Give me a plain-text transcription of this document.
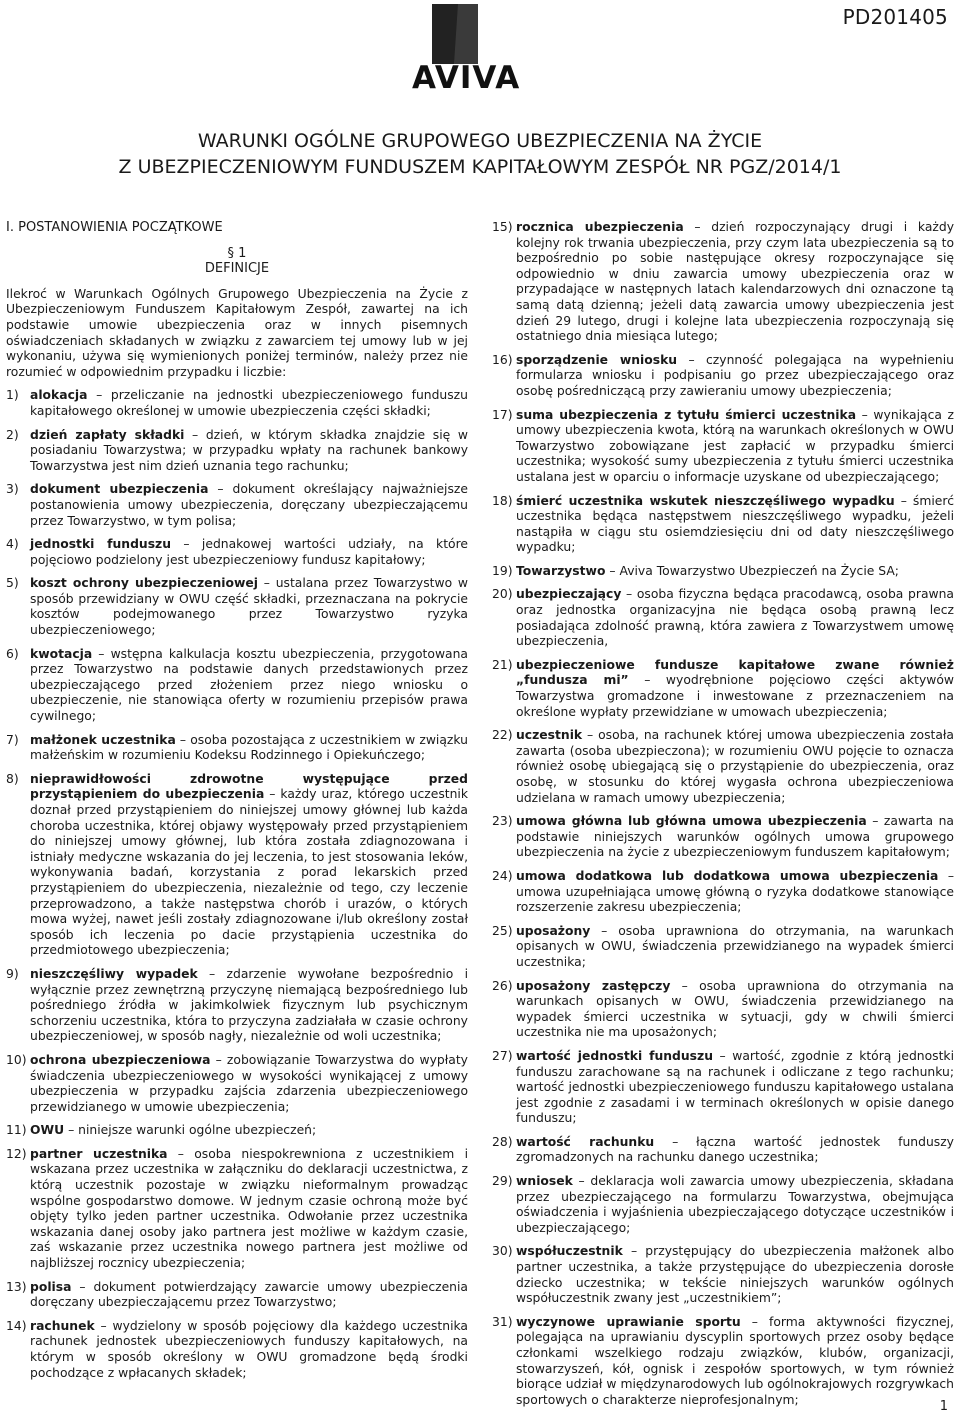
PD201405
AVIVA
WARUNKI OGÓLNE GRUPOWEGO UBEZPIECZENIA NA ŻYCIE
Z UBEZPIECZENIOWYM FUNDUSZEM KAPITAŁOWYM ZESPÓŁ NR PGZ/2014/1
I. POSTANOWIENIA POCZĄTKOWE
§ 1
DEFINICJE
Ilekroć w Warunkach Ogólnych Grupowego Ubezpieczenia na Życie z Ubezpieczeniowym Funduszem Kapitałowym Zespół, zawartej na ich podstawie umowie ubezpieczenia oraz w innych pisemnych oświadczeniach składanych w związku z zawarciem tej umowy lub w jej wykonaniu, używa się wymienionych poniżej terminów, należy przez nie rozumieć w odpowiednim przypadku i liczbie:
1) alokacja – przeliczanie na jednostki ubezpieczeniowego funduszu kapitałowego określonej w umowie ubezpieczenia części składki;
2) dzień zapłaty składki – dzień, w którym składka znajdzie się w posiadaniu Towarzystwa; w przypadku wpłaty na rachunek bankowy Towarzystwa jest nim dzień uznania tego rachunku;
3) dokument ubezpieczenia – dokument określający najważniejsze postanowienia umowy ubezpieczenia, doręczany ubezpieczającemu przez Towarzystwo, w tym polisa;
4) jednostki funduszu – jednakowej wartości udziały, na które pojęciowo podzielony jest ubezpieczeniowy fundusz kapitałowy;
5) koszt ochrony ubezpieczeniowej – ustalana przez Towarzystwo w sposób przewidziany w OWU część składki, przeznaczana na pokrycie kosztów podejmowanego przez Towarzystwo ryzyka ubezpieczeniowego;
6) kwotacja – wstępna kalkulacja kosztu ubezpieczenia, przygotowana przez Towarzystwo na podstawie danych przedstawionych przez ubezpieczającego przed złożeniem przez niego wniosku o ubezpieczenie, nie stanowiąca oferty w rozumieniu przepisów prawa cywilnego;
7) małżonek uczestnika – osoba pozostająca z uczestnikiem w związku małżeńskim w rozumieniu Kodeksu Rodzinnego i Opiekuńczego;
8) nieprawidłowości zdrowotne występujące przed przystąpieniem do ubezpieczenia – każdy uraz, którego uczestnik doznał przed przystąpieniem do niniejszej umowy głównej lub każda choroba uczestnika, której objawy występowały przed przystąpieniem do niniejszej umowy głównej, lub która została zdiagnozowana i istniały medyczne wskazania do jej leczenia, to jest stosowania leków, wykonywania badań, korzystania z porad lekarskich przed przystąpieniem do ubezpieczenia, niezależnie od tego, czy leczenie przeprowadzono, a także następstwa chorób i urazów, o których mowa wyżej, nawet jeśli zostały zdiagnozowane i/lub określony został sposób ich leczenia po dacie przystąpienia uczestnika do przedmiotowego ubezpieczenia;
9) nieszczęśliwy wypadek – zdarzenie wywołane bezpośrednio i wyłącznie przez zewnętrzną przyczynę niemającą bezpośredniego lub pośredniego źródła w jakimkolwiek fizycznym lub psychicznym schorzeniu uczestnika, która to przyczyna zadziałała w czasie ochrony ubezpieczeniowej, w sposób nagły, niezależnie od woli uczestnika;
10) ochrona ubezpieczeniowa – zobowiązanie Towarzystwa do wypłaty świadczenia ubezpieczeniowego w wysokości wynikającej z umowy ubezpieczenia w przypadku zajścia zdarzenia ubezpieczeniowego przewidzianego w umowie ubezpieczenia;
11) OWU – niniejsze warunki ogólne ubezpieczeń;
12) partner uczestnika – osoba niespokrewniona z uczestnikiem i wskazana przez uczestnika w załączniku do deklaracji uczestnictwa, z którą uczestnik pozostaje w związku nieformalnym prowadząc wspólne gospodarstwo domowe. W jednym czasie ochroną może być objęty tylko jeden partner uczestnika. Odwołanie przez uczestnika wskazania danej osoby jako partnera jest możliwe w każdym czasie, zaś wskazanie przez uczestnika nowego partnera jest możliwe od najbliższej rocznicy ubezpieczenia;
13) polisa – dokument potwierdzający zawarcie umowy ubezpieczenia doręczany ubezpieczającemu przez Towarzystwo;
14) rachunek – wydzielony w sposób pojęciowy dla każdego uczestnika rachunek jednostek ubezpieczeniowych funduszy kapitałowych, na którym w sposób określony w OWU gromadzone będą środki pochodzące z wpłacanych składek;
15) rocznica ubezpieczenia – dzień rozpoczynający drugi i każdy kolejny rok trwania ubezpieczenia, przy czym lata ubezpieczenia są to bezpośrednio po sobie następujące okresy rozpoczynające się odpowiednio w dniu zawarcia umowy ubezpieczenia oraz w przypadające w następnych latach kalendarzowych dni oznaczone tą samą datą dzienną; jeżeli datą zawarcia umowy ubezpieczenia jest dzień 29 lutego, drugi i kolejne lata ubezpieczenia rozpoczynają się ostatniego dnia miesiąca lutego;
16) sporządzenie wniosku – czynność polegająca na wypełnieniu formularza wniosku i podpisaniu go przez ubezpieczającego oraz osobę pośredniczącą przy zawieraniu umowy ubezpieczenia;
17) suma ubezpieczenia z tytułu śmierci uczestnika – wynikająca z umowy ubezpieczenia kwota, którą na warunkach określonych w OWU Towarzystwo zobowiązane jest zapłacić w przypadku śmierci uczestnika; wysokość sumy ubezpieczenia z tytułu śmierci uczestnika ustalana jest w oparciu o informacje uzyskane od ubezpieczającego;
18) śmierć uczestnika wskutek nieszczęśliwego wypadku – śmierć uczestnika będąca następstwem nieszczęśliwego wypadku, jeżeli nastąpiła w ciągu stu osiemdziesięciu dni od daty nieszczęśliwego wypadku;
19) Towarzystwo – Aviva Towarzystwo Ubezpieczeń na Życie SA;
20) ubezpieczający – osoba fizyczna będąca pracodawcą, osoba prawna oraz jednostka organizacyjna nie będąca osobą prawną lecz posiadająca zdolność prawną, która zawiera z Towarzystwem umowę ubezpieczenia,
21) ubezpieczeniowe fundusze kapitałowe zwane również „fundusza mi” – wyodrębnione pojęciowo części aktywów Towarzystwa gromadzone i inwestowane z przeznaczeniem na określone wypłaty przewidziane w umowach ubezpieczenia;
22) uczestnik – osoba, na rachunek której umowa ubezpieczenia została zawarta (osoba ubezpieczona); w rozumieniu OWU pojęcie to oznacza również osobę ubiegającą się o przystąpienie do ubezpieczenia, oraz osobę, w stosunku do której wygasła ochrona ubezpieczeniowa udzielana w ramach umowy ubezpieczenia;
23) umowa główna lub główna umowa ubezpieczenia – zawarta na podstawie niniejszych warunków ogólnych umowa grupowego ubezpieczenia na życie z ubezpieczeniowym funduszem kapitałowym;
24) umowa dodatkowa lub dodatkowa umowa ubezpieczenia – umowa uzupełniająca umowę główną o ryzyka dodatkowe stanowiące rozszerzenie zakresu ubezpieczenia;
25) uposażony – osoba uprawniona do otrzymania, na warunkach opisanych w OWU, świadczenia przewidzianego na wypadek śmierci uczestnika;
26) uposażony zastępczy – osoba uprawniona do otrzymania na warunkach opisanych w OWU, świadczenia przewidzianego na wypadek śmierci uczestnika w sytuacji, gdy w chwili śmierci uczestnika nie ma uposażonych;
27) wartość jednostki funduszu – wartość, zgodnie z którą jednostki funduszu zarachowane są na rachunek i odliczane z tego rachunku; wartość jednostki ubezpieczeniowego funduszu kapitałowego ustalana jest zgodnie z zasadami i w terminach określonych w opisie danego funduszu;
28) wartość rachunku – łączna wartość jednostek funduszy zgromadzonych na rachunku danego uczestnika;
29) wniosek – deklaracja woli zawarcia umowy ubezpieczenia, składana przez ubezpieczającego na formularzu Towarzystwa, obejmująca oświadczenia i wyjaśnienia ubezpieczającego dotyczące uczestników i ubezpieczającego;
30) współuczestnik – przystępujący do ubezpieczenia małżonek albo partner uczestnika, a także przystępujące do ubezpieczenia dorosłe dziecko uczestnika; w tekście niniejszych warunków ogólnych współuczestnik zwany jest „uczestnikiem”;
31) wyczynowe uprawianie sportu – forma aktywności fizycznej, polegająca na uprawianiu dyscyplin sportowych przez osoby będące członkami wszelkiego rodzaju związków, klubów, organizacji, stowarzyszeń, kół, ognisk i zespołów sportowych, w tym również biorące udział w międzynarodowych lub ogólnokrajowych rozgrywkach sportowych o charakterze nieprofesjonalnym;	1
